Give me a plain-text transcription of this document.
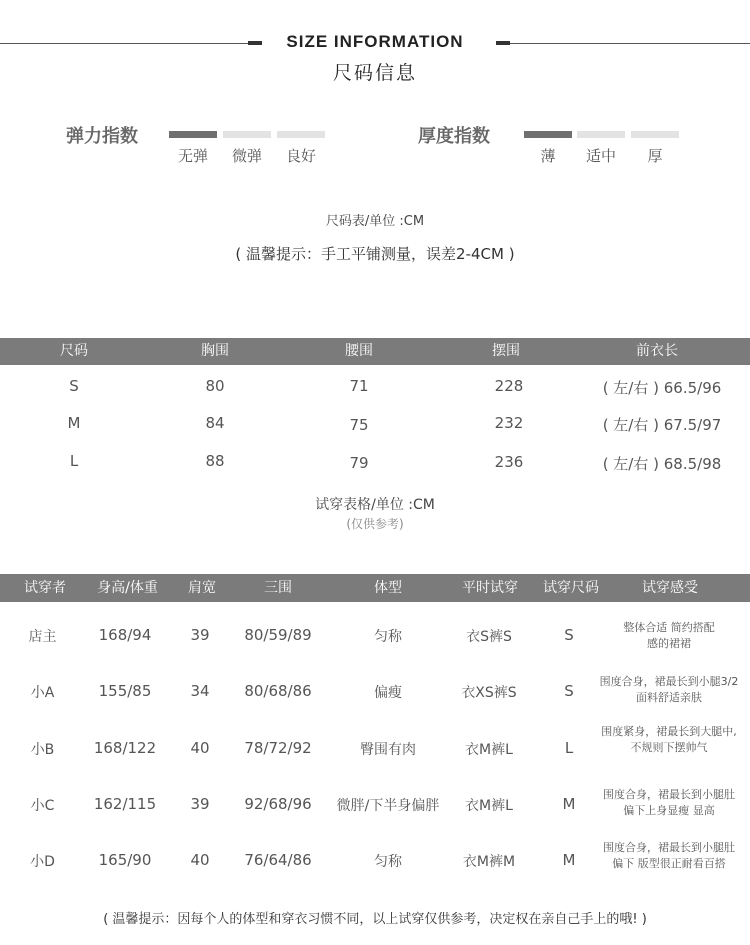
SIZE INFORMATION
尺码信息
弹力指数
无弹	微弹	良好
厚度指数
薄	适中	厚
尺码表/单位 :CM
( 温馨提示：手工平铺测量，误差2-4CM )
尺码	胸围	腰围	摆围	前衣长
S	80	71	228	( 左/右 ) 66.5/96
M	84	75	232	( 左/右 ) 67.5/97
L	88	79	236	( 左/右 ) 68.5/98
试穿表格/单位 :CM
(仅供参考)
试穿者	身高/体重	肩宽	三围	体型	平时试穿	试穿尺码	试穿感受
店主	168/94	39	80/59/89	匀称	衣S裤S	S	整体合适 简约搭配
感的裙裙
小A	155/85	34	80/68/86	偏瘦	衣XS裤S	S
围度合身，裙最长到小腿3/2
面料舒适亲肤
小B	168/122	40	78/72/92	臀围有肉	衣M裤L	L
围度紧身，裙最长到大腿中,
不规则下摆帅气
小C	162/115	39	92/68/96	微胖/下半身偏胖	衣M裤L	M
围度合身，裙最长到小腿肚
偏下上身显瘦 显高
小D	165/90	40	76/64/86	匀称	衣M裤M	M
围度合身，裙最长到小腿肚
偏下 版型很正耐看百搭
( 温馨提示：因每个人的体型和穿衣习惯不同，以上试穿仅供参考，决定权在亲自己手上的哦! )
